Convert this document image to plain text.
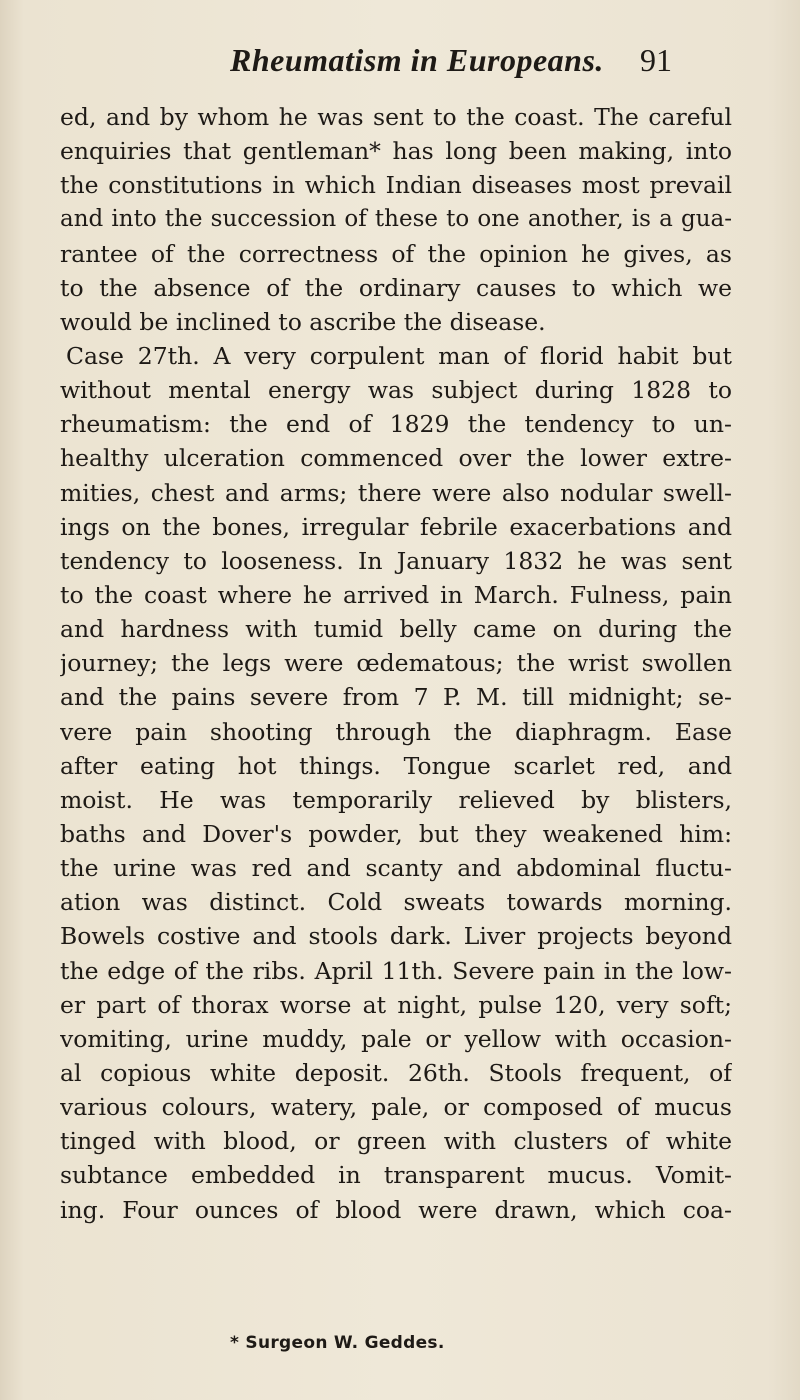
Rheumatism in Europeans. 91
ed, and by whom he was sent to the coast. The careful
enquiries that gentleman* has long been making, into
the constitutions in which Indian diseases most prevail
and into the succession of these to one another, is a gua-
rantee of the correctness of the opinion he gives, as
to the absence of the ordinary causes to which we
would be inclined to ascribe the disease.
Case 27th. A very corpulent man of florid habit but
without mental energy was subject during 1828 to
rheumatism: the end of 1829 the tendency to un-
healthy ulceration commenced over the lower extre-
mities, chest and arms; there were also nodular swell-
ings on the bones, irregular febrile exacerbations and
tendency to looseness. In January 1832 he was sent
to the coast where he arrived in March. Fulness, pain
and hardness with tumid belly came on during the
journey; the legs were œdematous; the wrist swollen
and the pains severe from 7 P. M. till midnight; se-
vere pain shooting through the diaphragm. Ease
after eating hot things. Tongue scarlet red, and
moist. He was temporarily relieved by blisters,
baths and Dover's powder, but they weakened him:
the urine was red and scanty and abdominal fluctu-
ation was distinct. Cold sweats towards morning.
Bowels costive and stools dark. Liver projects beyond
the edge of the ribs. April 11th. Severe pain in the low-
er part of thorax worse at night, pulse 120, very soft;
vomiting, urine muddy, pale or yellow with occasion-
al copious white deposit. 26th. Stools frequent, of
various colours, watery, pale, or composed of mucus
tinged with blood, or green with clusters of white
subtance embedded in transparent mucus. Vomit-
ing. Four ounces of blood were drawn, which coa-
* Surgeon W. Geddes.
